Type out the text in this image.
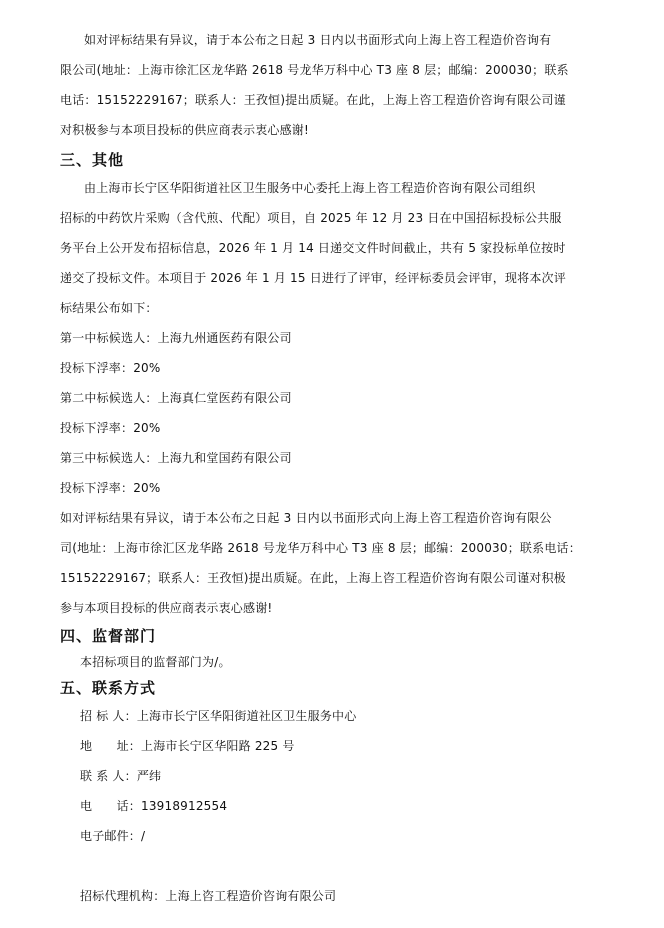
如对评标结果有异议，请于本公布之日起 3 日内以书面形式向上海上咨工程造价咨询有
限公司(地址：上海市徐汇区龙华路 2618 号龙华万科中心 T3 座 8 层；邮编：200030；联系
电话：15152229167；联系人：王孜恒)提出质疑。在此，上海上咨工程造价咨询有限公司谨
对积极参与本项目投标的供应商表示衷心感谢!
三、其他
由上海市长宁区华阳街道社区卫生服务中心委托上海上咨工程造价咨询有限公司组织
招标的中药饮片采购（含代煎、代配）项目，自 2025 年 12 月 23 日在中国招标投标公共服
务平台上公开发布招标信息，2026 年 1 月 14 日递交文件时间截止，共有 5 家投标单位按时
递交了投标文件。本项目于 2026 年 1 月 15 日进行了评审，经评标委员会评审，现将本次评
标结果公布如下：
第一中标候选人：上海九州通医药有限公司
投标下浮率：20%
第二中标候选人：上海真仁堂医药有限公司
投标下浮率：20%
第三中标候选人：上海九和堂国药有限公司
投标下浮率：20%
如对评标结果有异议，请于本公布之日起 3 日内以书面形式向上海上咨工程造价咨询有限公
司(地址：上海市徐汇区龙华路 2618 号龙华万科中心 T3 座 8 层；邮编：200030；联系电话：
15152229167；联系人：王孜恒)提出质疑。在此，上海上咨工程造价咨询有限公司谨对积极
参与本项目投标的供应商表示衷心感谢!
四、监督部门
本招标项目的监督部门为/。
五、联系方式
招 标 人：上海市长宁区华阳街道社区卫生服务中心
地　　址：上海市长宁区华阳路 225 号
联 系 人：严纬
电　　话：13918912554
电子邮件：/
招标代理机构：上海上咨工程造价咨询有限公司
